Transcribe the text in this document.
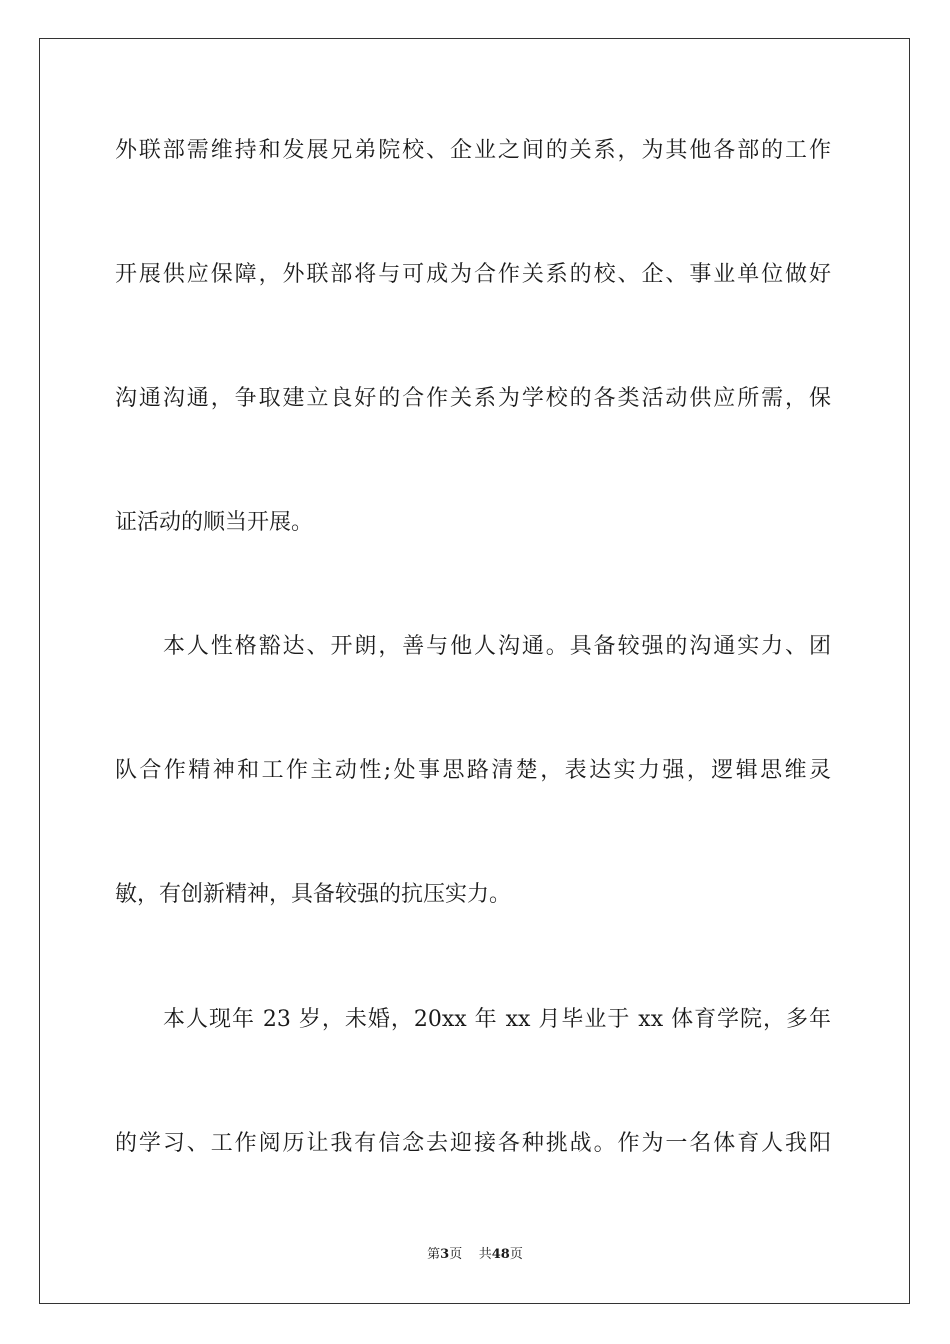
外联部需维持和发展兄弟院校、企业之间的关系，为其他各部的工作
开展供应保障，外联部将与可成为合作关系的校、企、事业单位做好
沟通沟通，争取建立良好的合作关系为学校的各类活动供应所需，保
证活动的顺当开展。
本人性格豁达、开朗，善与他人沟通。具备较强的沟通实力、团
队合作精神和工作主动性;处事思路清楚，表达实力强，逻辑思维灵
敏，有创新精神，具备较强的抗压实力。
本人现年 23 岁，未婚，20xx 年 xx 月毕业于 xx 体育学院，多年
的学习、工作阅历让我有信念去迎接各种挑战。作为一名体育人我阳
第3页 共48页
